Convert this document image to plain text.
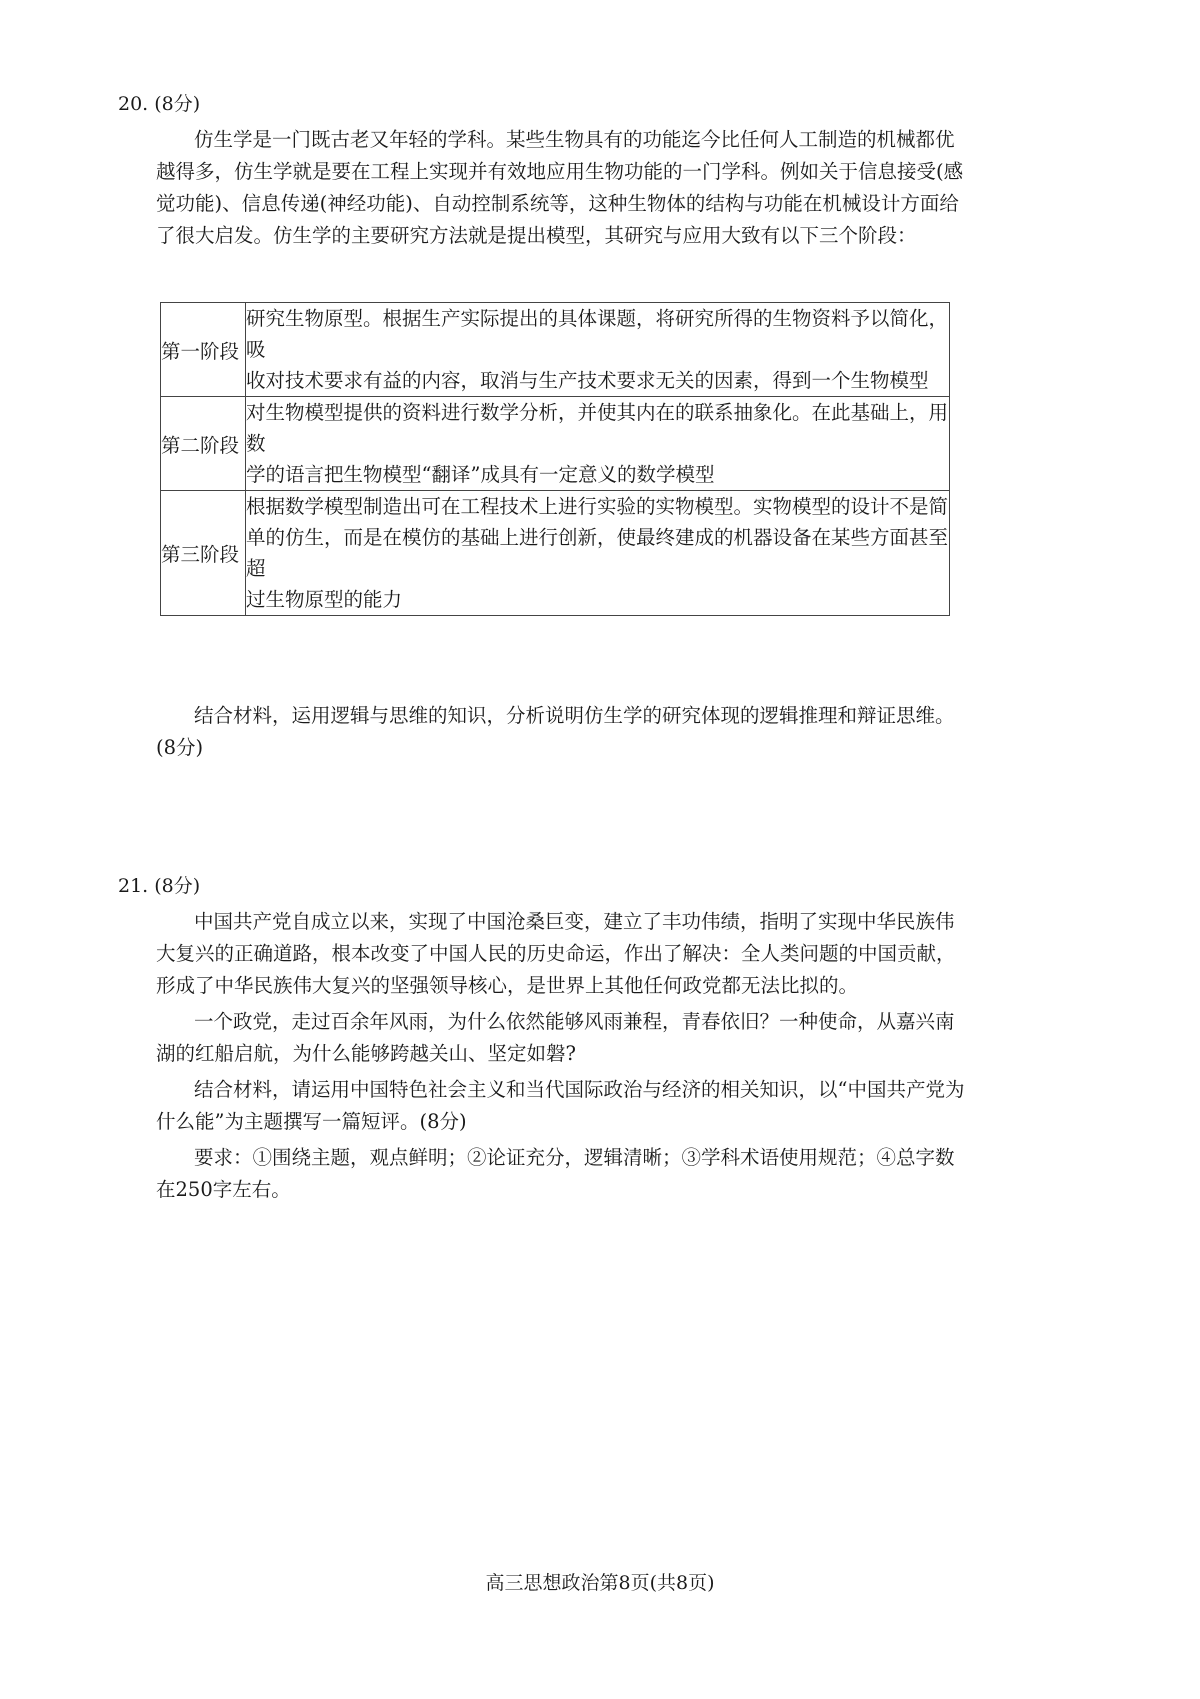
20. (8分)

仿生学是一门既古老又年轻的学科。某些生物具有的功能迄今比任何人工制造的机械都优越得多，仿生学就是要在工程上实现并有效地应用生物功能的一门学科。例如关于信息接受(感觉功能)、信息传递(神经功能)、自动控制系统等，这种生物体的结构与功能在机械设计方面给了很大启发。仿生学的主要研究方法就是提出模型，其研究与应用大致有以下三个阶段：

第一阶段	研究生物原型。根据生产实际提出的具体课题，将研究所得的生物资料予以简化，吸
收对技术要求有益的内容，取消与生产技术要求无关的因素，得到一个生物模型

第二阶段	对生物模型提供的资料进行数学分析，并使其内在的联系抽象化。在此基础上，用数
学的语言把生物模型“翻译”成具有一定意义的数学模型

第三阶段	根据数学模型制造出可在工程技术上进行实验的实物模型。实物模型的设计不是简
单的仿生，而是在模仿的基础上进行创新，使最终建成的机器设备在某些方面甚至超
过生物原型的能力

结合材料，运用逻辑与思维的知识，分析说明仿生学的研究体现的逻辑推理和辩证思维。(8分)

21. (8分)

中国共产党自成立以来，实现了中国沧桑巨变，建立了丰功伟绩，指明了实现中华民族伟大复兴的正确道路，根本改变了中国人民的历史命运，作出了解决：全人类问题的中国贡献，形成了中华民族伟大复兴的坚强领导核心，是世界上其他任何政党都无法比拟的。

一个政党，走过百余年风雨，为什么依然能够风雨兼程，青春依旧？一种使命，从嘉兴南湖的红船启航，为什么能够跨越关山、坚定如磐?

结合材料，请运用中国特色社会主义和当代国际政治与经济的相关知识，以“中国共产党为什么能”为主题撰写一篇短评。(8分)

要求：①围绕主题，观点鲜明；②论证充分，逻辑清晰；③学科术语使用规范；④总字数在250字左右。

高三思想政治第8页(共8页)
